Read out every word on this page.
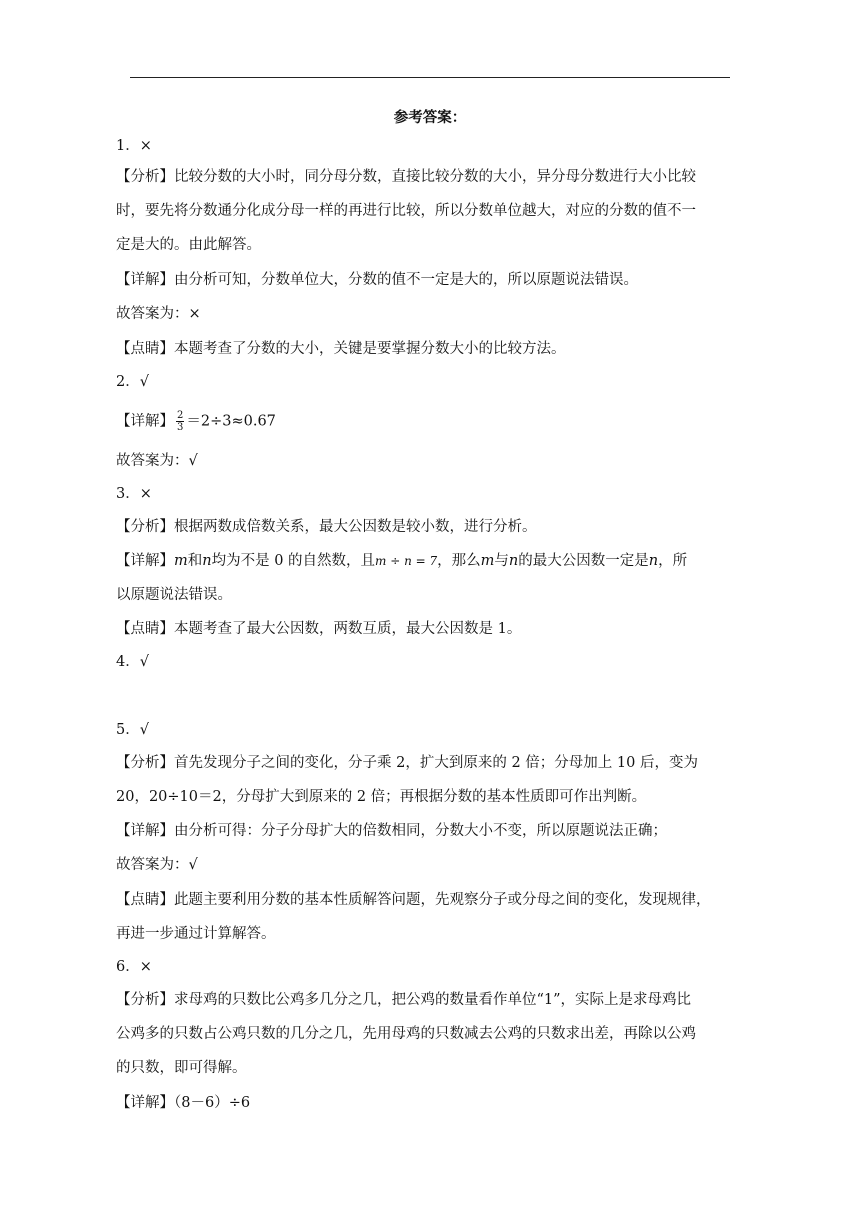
参考答案：
1．×
【分析】比较分数的大小时，同分母分数，直接比较分数的大小，异分母分数进行大小比较
时，要先将分数通分化成分母一样的再进行比较，所以分数单位越大，对应的分数的值不一
定是大的。由此解答。
【详解】由分析可知，分数单位大，分数的值不一定是大的，所以原题说法错误。
故答案为：×
【点睛】本题考查了分数的大小，关键是要掌握分数大小的比较方法。
2．√
【详解】 $\frac{2}{3} =2\div 3\approx 0.67$
故答案为：√
3．×
【分析】根据两数成倍数关系，最大公因数是较小数，进行分析。
【详解】m和n均为不是 0 的自然数，且m ÷ n = 7，那么m与n的最大公因数一定是n，所
以原题说法错误。
【点睛】本题考查了最大公因数，两数互质，最大公因数是 1。
4．√
5．√
【分析】首先发现分子之间的变化，分子乘 2，扩大到原来的 2 倍；分母加上 10 后，变为
20，20÷10＝2，分母扩大到原来的 2 倍；再根据分数的基本性质即可作出判断。
【详解】由分析可得：分子分母扩大的倍数相同，分数大小不变，所以原题说法正确；
故答案为：√
【点睛】此题主要利用分数的基本性质解答问题，先观察分子或分母之间的变化，发现规律，
再进一步通过计算解答。
6．×
【分析】求母鸡的只数比公鸡多几分之几，把公鸡的数量看作单位“1”，实际上是求母鸡比
公鸡多的只数占公鸡只数的几分之几，先用母鸡的只数减去公鸡的只数求出差，再除以公鸡
的只数，即可得解。
【详解】（8－6）÷6
